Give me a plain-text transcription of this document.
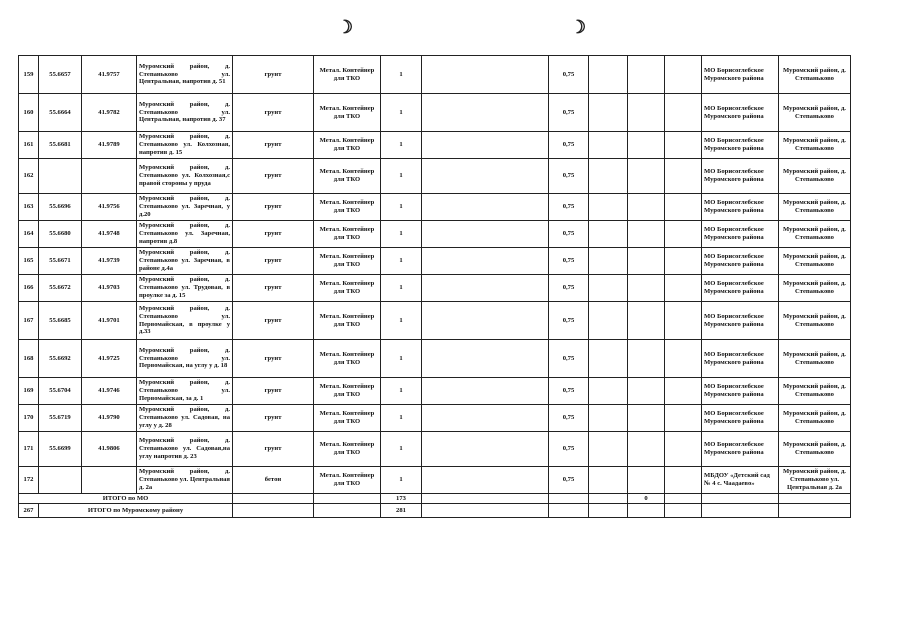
☽	☽
159	55.6657	41.9757	Муромский район, д. Степаньково ул. Центральная, напротив д. 51	грунт	Метал. Контейнер для ТКО	1		0,75				МО Борисоглебское Муромского района	Муромский район, д. Степаньково
160	55.6664	41.9782	Муромский район, д. Степаньково ул. Центральная, напротив д. 37	грунт	Метал. Контейнер для ТКО	1		0,75				МО Борисоглебское Муромского района	Муромский район, д. Степаньково
161	55.6681	41.9789	Муромский район, д. Степаньково ул. Колхозная, напротив д. 15	грунт	Метал. Контейнер для ТКО	1		0,75				МО Борисоглебское Муромского района	Муромский район, д. Степаньково
162			Муромский район, д. Степаньково ул. Колхозная,с правой стороны у пруда	грунт	Метал. Контейнер для ТКО	1		0,75				МО Борисоглебское Муромского района	Муромский район, д. Степаньково
163	55.6696	41.9756	Муромский район, д. Степаньково ул. Заречная, у д.20	грунт	Метал. Контейнер для ТКО	1		0,75				МО Борисоглебское Муромского района	Муромский район, д. Степаньково
164	55.6680	41.9748	Муромский район, д. Степаньково ул. Заречная, напротив д.8	грунт	Метал. Контейнер для ТКО	1		0,75				МО Борисоглебское Муромского района	Муромский район, д. Степаньково
165	55.6671	41.9739	Муромский район, д. Степаньково ул. Заречная, в районе д.4а	грунт	Метал. Контейнер для ТКО	1		0,75				МО Борисоглебское Муромского района	Муромский район, д. Степаньково
166	55.6672	41.9703	Муромский район, д. Степаньково ул. Трудовая, в проулке за д. 15	грунт	Метал. Контейнер для ТКО	1		0,75				МО Борисоглебское Муромского района	Муромский район, д. Степаньково
167	55.6685	41.9701	Муромский район, д. Степаньково ул. Первомайская, в проулке у д.33	грунт	Метал. Контейнер для ТКО	1		0,75				МО Борисоглебское Муромского района	Муромский район, д. Степаньково
168	55.6692	41.9725	Муромский район, д. Степаньково ул. Первомайская, на углу у д. 18	грунт	Метал. Контейнер для ТКО	1		0,75				МО Борисоглебское Муромского района	Муромский район, д. Степаньково
169	55.6704	41.9746	Муромский район, д. Степаньково ул. Первомайская, за д. 1	грунт	Метал. Контейнер для ТКО	1		0,75				МО Борисоглебское Муромского района	Муромский район, д. Степаньково
170	55.6719	41.9790	Муромский район, д. Степаньково ул. Садовая, на углу у д. 28	грунт	Метал. Контейнер для ТКО	1		0,75				МО Борисоглебское Муромского района	Муромский район, д. Степаньково
171	55.6699	41.9806	Муромский район, д. Степаньково ул. Садовая,на углу напротив д. 23	грунт	Метал. Контейнер для ТКО	1		0,75				МО Борисоглебское Муромского района	Муромский район, д. Степаньково
172			Муромский район, д. Степаньково ул. Центральная д. 2а	бетон	Метал. Контейнер для ТКО	1		0,75				МБДОУ «Детский сад № 4 с. Чаадаево»	Муромский район, д. Степаньково ул. Центральная д. 2а
ИТОГО по МО						173				0			
267	ИТОГО по Муромскому району					281							
